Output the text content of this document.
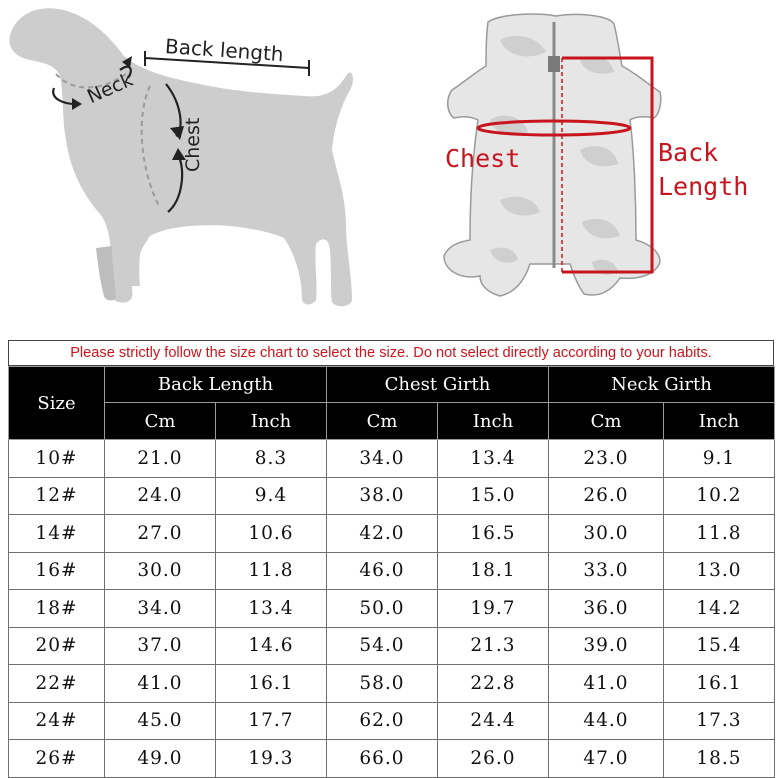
Back length
Neck
Chest	Chest	Back
Length
Please strictly follow the size chart to select the size. Do not select directly according to your habits.
Size	Back Length		Chest Girth		Neck Girth	
	Cm	Inch	Cm	Inch	Cm	Inch
10#	21.0	8.3	34.0	13.4	23.0	9.1
12#	24.0	9.4	38.0	15.0	26.0	10.2
14#	27.0	10.6	42.0	16.5	30.0	11.8
16#	30.0	11.8	46.0	18.1	33.0	13.0
18#	34.0	13.4	50.0	19.7	36.0	14.2
20#	37.0	14.6	54.0	21.3	39.0	15.4
22#	41.0	16.1	58.0	22.8	41.0	16.1
24#	45.0	17.7	62.0	24.4	44.0	17.3
26#	49.0	19.3	66.0	26.0	47.0	18.5
